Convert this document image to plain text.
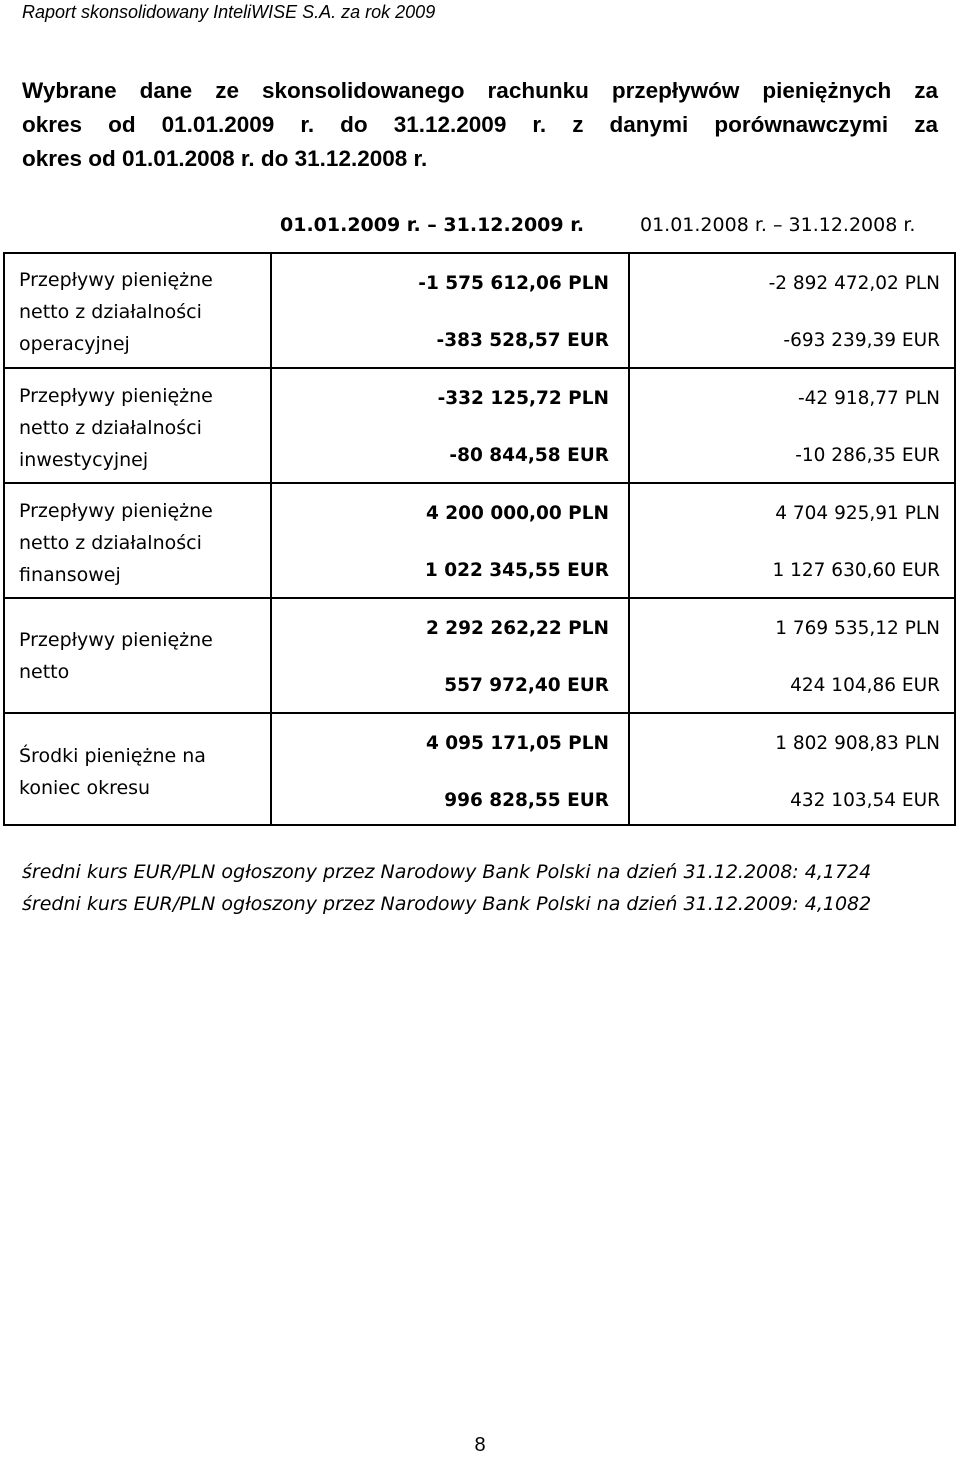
Raport skonsolidowany InteliWISE S.A. za rok 2009
Wybrane dane ze skonsolidowanego rachunku przepływów pieniężnych za
okres od 01.01.2009 r. do 31.12.2009 r. z danymi porównawczymi za
okres od 01.01.2008 r. do 31.12.2008 r.
01.01.2009 r. – 31.12.2009 r.	01.01.2008 r. – 31.12.2008 r.
Przepływy pieniężne
netto z działalności
operacyjnej
-1 575 612,06 PLN
-383 528,57 EUR
-2 892 472,02 PLN
-693 239,39 EUR
Przepływy pieniężne
netto z działalności
inwestycyjnej
-332 125,72 PLN
-80 844,58 EUR
-42 918,77 PLN
-10 286,35 EUR
Przepływy pieniężne
netto z działalności
finansowej
4 200 000,00 PLN
1 022 345,55 EUR
4 704 925,91 PLN
1 127 630,60 EUR
Przepływy pieniężne
netto
2 292 262,22 PLN
557 972,40 EUR
1 769 535,12 PLN
424 104,86 EUR
Środki pieniężne na
koniec okresu
4 095 171,05 PLN
996 828,55 EUR
1 802 908,83 PLN
432 103,54 EUR
średni kurs EUR/PLN ogłoszony przez Narodowy Bank Polski na dzień 31.12.2008: 4,1724
średni kurs EUR/PLN ogłoszony przez Narodowy Bank Polski na dzień 31.12.2009: 4,1082
8
